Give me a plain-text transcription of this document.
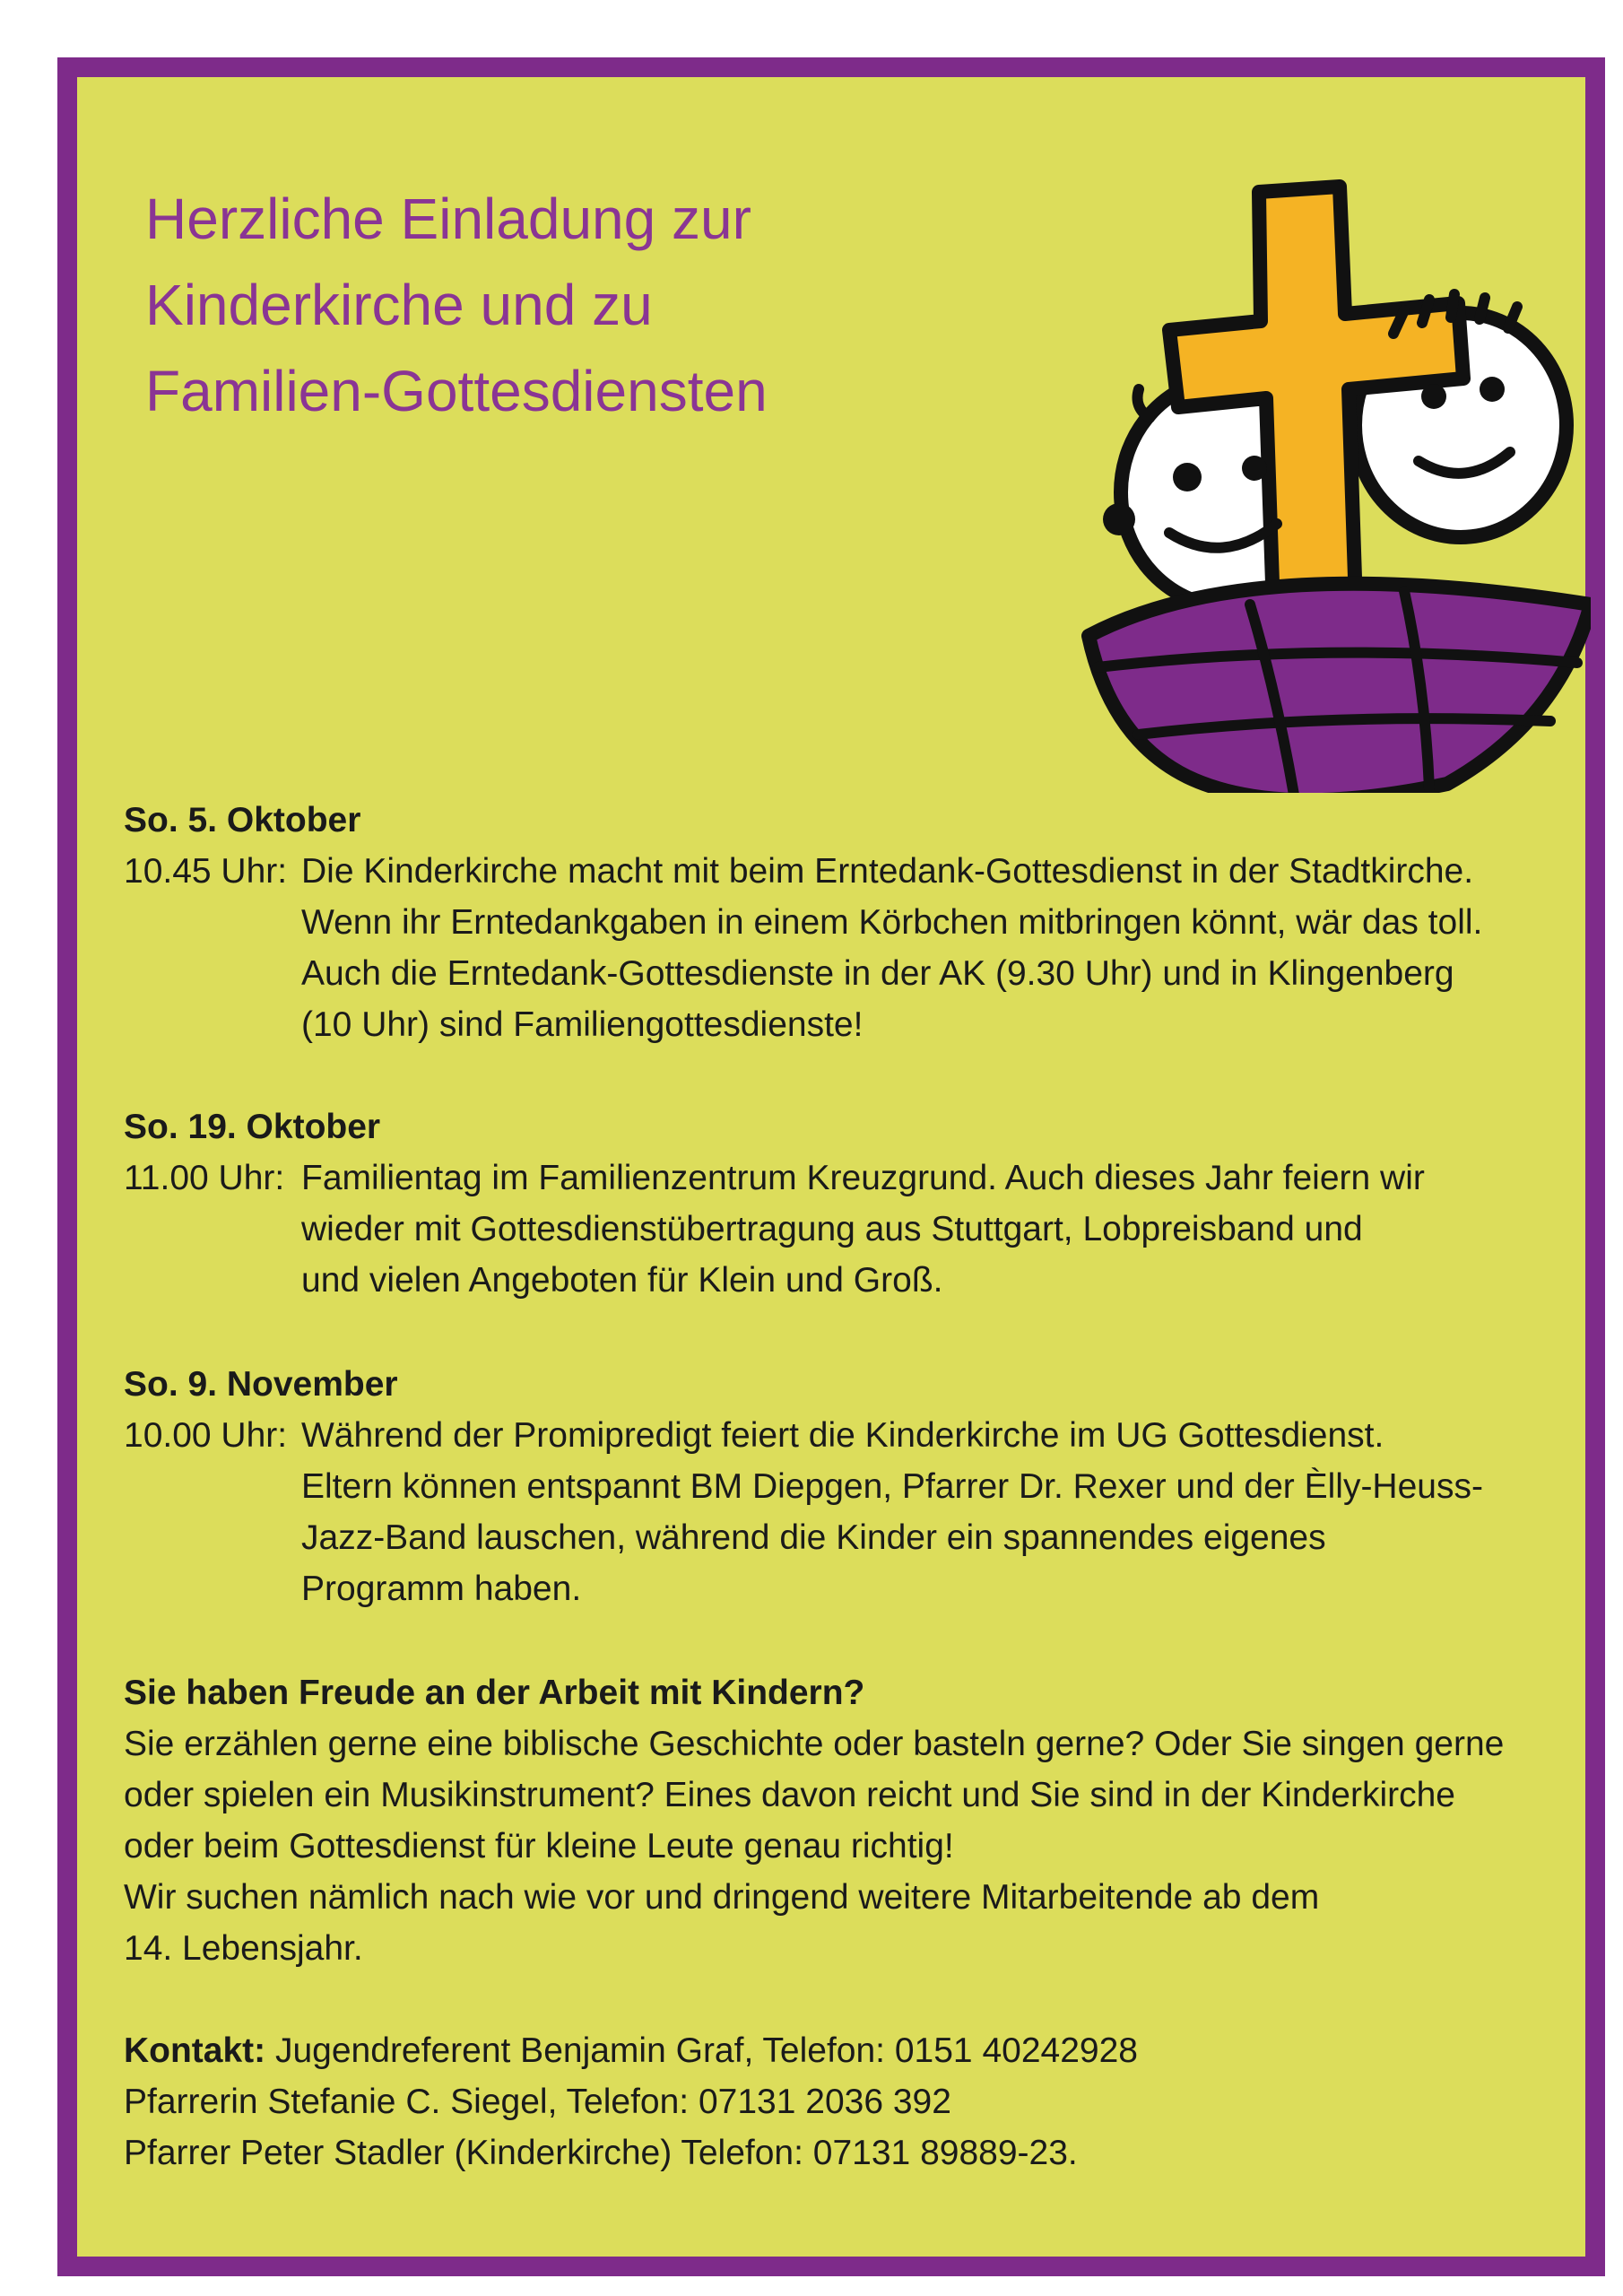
Herzliche Einladung zur
Kinderkirche und zu
Familien-Gottesdiensten
So. 5. Oktober
10.45 Uhr: Die Kinderkirche macht mit beim Erntedank-Gottesdienst in der Stadtkirche.
Wenn ihr Erntedankgaben in einem Körbchen mitbringen könnt, wär das toll.
Auch die Erntedank-Gottesdienste in der AK (9.30 Uhr) und in Klingenberg
(10 Uhr) sind Familiengottesdienste!
So. 19. Oktober
11.00 Uhr: Familientag im Familienzentrum Kreuzgrund. Auch dieses Jahr feiern wir
wieder mit Gottesdienstübertragung aus Stuttgart, Lobpreisband und
und vielen Angeboten für Klein und Groß.
So. 9. November
10.00 Uhr: Während der Promipredigt feiert die Kinderkirche im UG Gottesdienst.
Eltern können entspannt BM Diepgen, Pfarrer Dr. Rexer und der Èlly-Heuss-
Jazz-Band lauschen, während die Kinder ein spannendes eigenes
Programm haben.
Sie haben Freude an der Arbeit mit Kindern?
Sie erzählen gerne eine biblische Geschichte oder basteln gerne? Oder Sie singen gerne
oder spielen ein Musikinstrument? Eines davon reicht und Sie sind in der Kinderkirche
oder beim Gottesdienst für kleine Leute genau richtig!
Wir suchen nämlich nach wie vor und dringend weitere Mitarbeitende ab dem
14. Lebensjahr.
Kontakt: Jugendreferent Benjamin Graf, Telefon: 0151 40242928
Pfarrerin Stefanie C. Siegel, Telefon: 07131 2036 392
Pfarrer Peter Stadler (Kinderkirche) Telefon: 07131 89889-23.
